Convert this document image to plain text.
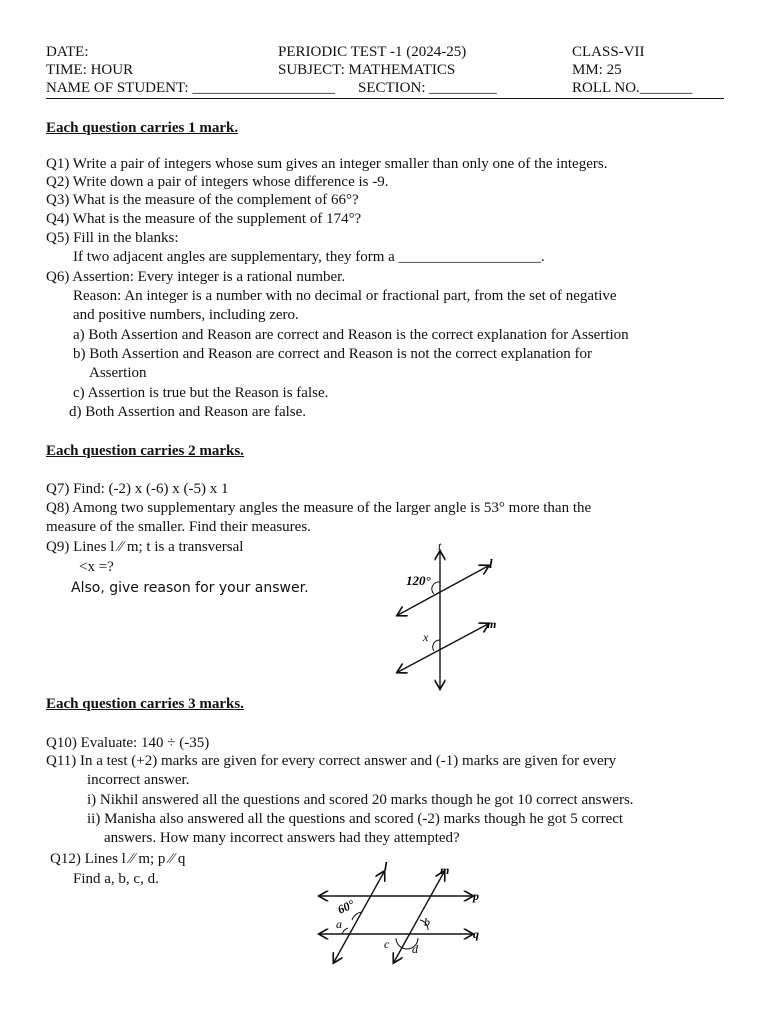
DATE:
TIME: HOUR
NAME OF STUDENT: ___________________
PERIODIC TEST -1 (2024-25)
SUBJECT: MATHEMATICS
SECTION: _________
CLASS-VII
MM: 25
ROLL NO._______
Each question carries 1 mark.
Q1) Write a pair of integers whose sum gives an integer smaller than only one of the integers.
Q2) Write down a pair of integers whose difference is -9.
Q3) What is the measure of the complement of 66°?
Q4) What is the measure of the supplement of 174°?
Q5) Fill in the blanks:
If two adjacent angles are supplementary, they form a ___________________.
Q6) Assertion: Every integer is a rational number.
Reason: An integer is a number with no decimal or fractional part, from the set of negative
and positive numbers, including zero.
a) Both Assertion and Reason are correct and Reason is the correct explanation for Assertion
b) Both Assertion and Reason are correct and Reason is not the correct explanation for
Assertion
c) Assertion is true but the Reason is false.
d) Both Assertion and Reason are false.
Each question carries 2 marks.
Q7) Find: (-2) x (-6) x (-5) x 1
Q8) Among two supplementary angles the measure of the larger angle is 53° more than the
measure of the smaller. Find their measures.
Q9) Lines l ∕∕ m; t is a transversal
<x =?
Also, give reason for your answer.
t
l
m
120°
x
Each question carries 3 marks.
Q10) Evaluate: 140 ÷ (-35)
Q11) In a test (+2) marks are given for every correct answer and (-1) marks are given for every
incorrect answer.
i) Nikhil answered all the questions and scored 20 marks though he got 10 correct answers.
ii) Manisha also answered all the questions and scored (-2) marks though he got 5 correct
answers. How many incorrect answers had they attempted?
Q12) Lines l ∕∕ m; p ∕∕ q
Find a, b, c, d.
l	m
p
q
60°
a	b
c d
